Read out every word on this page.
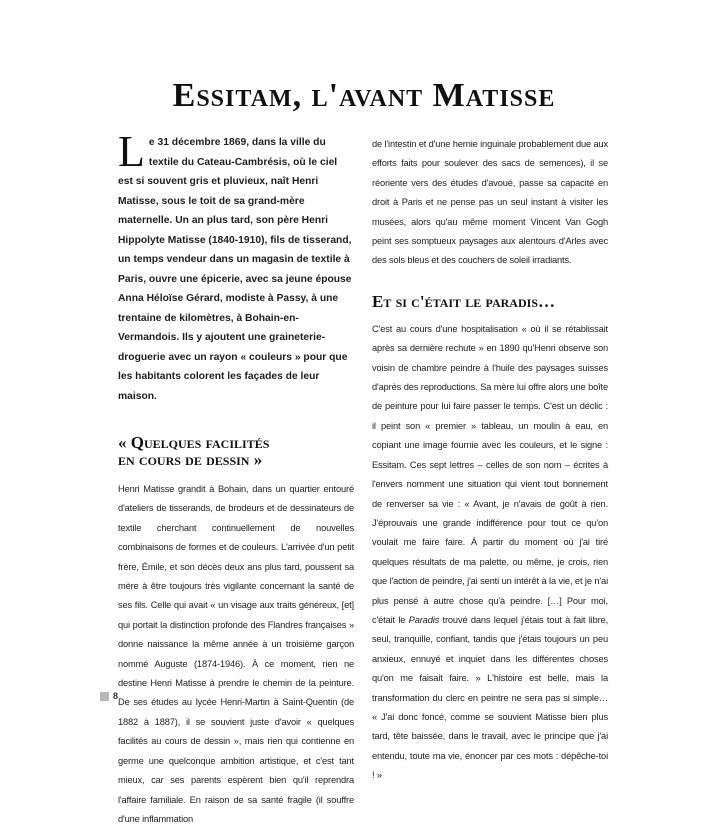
Essitam, l'avant Matisse

Le 31 décembre 1869, dans la ville du textile du Cateau-Cambrésis, où le ciel est si souvent gris et pluvieux, naît Henri Matisse, sous le toit de sa grand-mère maternelle. Un an plus tard, son père Henri Hippolyte Matisse (1840-1910), fils de tisserand, un temps vendeur dans un magasin de textile à Paris, ouvre une épicerie, avec sa jeune épouse Anna Héloïse Gérard, modiste à Passy, à une trentaine de kilomètres, à Bohain-en-Vermandois. Ils y ajoutent une graineterie-droguerie avec un rayon « couleurs » pour que les habitants colorent les façades de leur maison.

« Quelques facilités
en cours de dessin »

Henri Matisse grandit à Bohain, dans un quartier entouré d'ateliers de tisserands, de brodeurs et de dessinateurs de textile cherchant continuellement de nouvelles combinaisons de formes et de couleurs. L'arrivée d'un petit frère, Émile, et son décès deux ans plus tard, poussent sa mère à être toujours très vigilante concernant la santé de ses fils. Celle qui avait « un visage aux traits généreux, [et] qui portait la distinction profonde des Flandres françaises » donne naissance la même année à un troisième garçon nommé Auguste (1874-1946). À ce moment, rien ne destine Henri Matisse à prendre le chemin de la peinture. De ses études au lycée Henri-Martin à Saint-Quentin (de 1882 à 1887), il se souvient juste d'avoir « quelques facilités au cours de dessin », mais rien qui contienne en germe une quelconque ambition artistique, et c'est tant mieux, car ses parents espèrent bien qu'il reprendra l'affaire familiale. En raison de sa santé fragile (il souffre d'une inflammation

de l'intestin et d'une hernie inguinale probablement due aux efforts faits pour soulever des sacs de semences), il se réoriente vers des études d'avoué, passe sa capacité en droit à Paris et ne pense pas un seul instant à visiter les musées, alors qu'au même moment Vincent Van Gogh peint ses somptueux paysages aux alentours d'Arles avec des sols bleus et des couchers de soleil irradiants.

Et si c'était le paradis…

C'est au cours d'une hospitalisation « où il se rétablissait après sa dernière rechute » en 1890 qu'Henri observe son voisin de chambre peindre à l'huile des paysages suisses d'après des reproductions. Sa mère lui offre alors une boîte de peinture pour lui faire passer le temps. C'est un déclic : il peint son « premier » tableau, un moulin à eau, en copiant une image fournie avec les couleurs, et le signe : Essitam. Ces sept lettres – celles de son nom – écrites à l'envers nomment une situation qui vient tout bonnement de renverser sa vie : « Avant, je n'avais de goût à rien. J'éprouvais une grande indifférence pour tout ce qu'on voulait me faire faire. À partir du moment où j'ai tiré quelques résultats de ma palette, ou même, je crois, rien que l'action de peindre, j'ai senti un intérêt à la vie, et je n'ai plus pensé à autre chose qu'à peindre. […] Pour moi, c'était le Paradis trouvé dans lequel j'étais tout à fait libre, seul, tranquille, confiant, tandis que j'étais toujours un peu anxieux, ennuyé et inquiet dans les différentes choses qu'on me faisait faire. » L'histoire est belle, mais la transformation du clerc en peintre ne sera pas si simple… « J'ai donc foncé, comme se souvient Matisse bien plus tard, tête baissée, dans le travail, avec le principe que j'ai entendu, toute ma vie, énoncer par ces mots : dépêche-toi ! »

8
